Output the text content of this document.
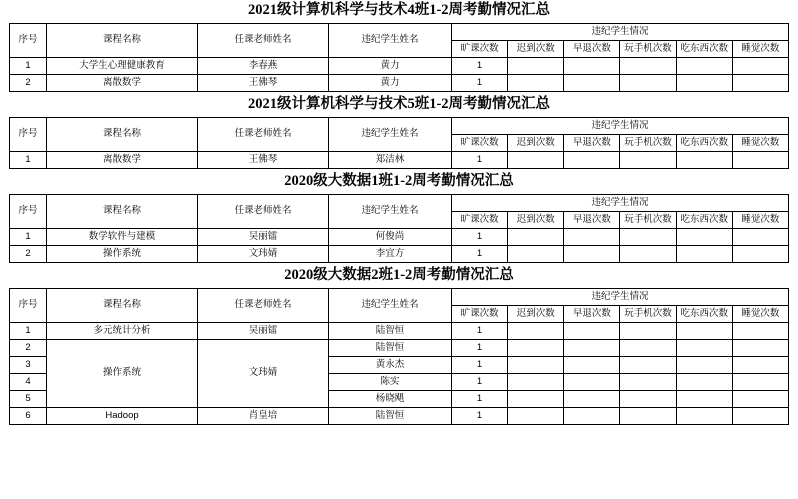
2021级计算机科学与技术4班1-2周考勤情况汇总
序号	课程名称	任课老师姓名	违纪学生姓名	违纪学生情况					
				旷课次数	迟到次数	早退次数	玩手机次数	吃东西次数	睡觉次数
1	大学生心理健康教育	李春燕	黄力	1					
2	离散数学	王佛琴	黄力	1					
2021级计算机科学与技术5班1-2周考勤情况汇总
序号	课程名称	任课老师姓名	违纪学生姓名	违纪学生情况					
				旷课次数	迟到次数	早退次数	玩手机次数	吃东西次数	睡觉次数
1	离散数学	王佛琴	郑洁林	1					
2020级大数据1班1-2周考勤情况汇总
序号	课程名称	任课老师姓名	违纪学生姓名	违纪学生情况					
				旷课次数	迟到次数	早退次数	玩手机次数	吃东西次数	睡觉次数
1	数学软件与建模	吴丽镭	何俊尚	1					
2	操作系统	文玮婧	李宜方	1					
2020级大数据2班1-2周考勤情况汇总
序号	课程名称	任课老师姓名	违纪学生姓名	违纪学生情况					
				旷课次数	迟到次数	早退次数	玩手机次数	吃东西次数	睡觉次数
1	多元统计分析	吴丽镭	陆智恒	1					
2	操作系统	文玮婧	陆智恒	1					
3			黄永杰	1					
4			陈实	1					
5			杨晓飓	1					
6	Hadoop	肖皇培	陆智恒	1					
